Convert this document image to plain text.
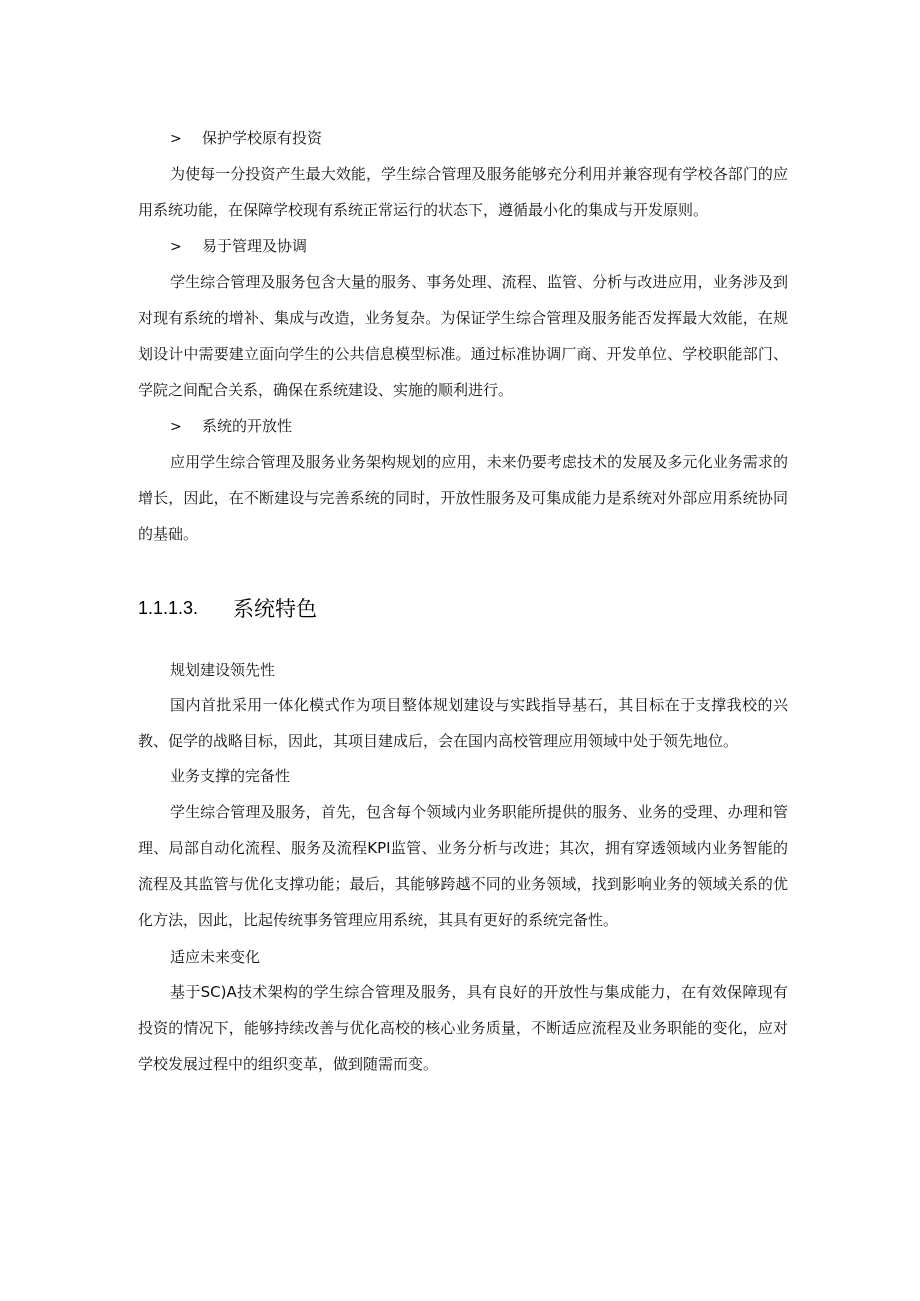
> 保护学校原有投资

为使每一分投资产生最大效能，学生综合管理及服务能够充分利用并兼容现有学校各部门的应用系统功能，在保障学校现有系统正常运行的状态下，遵循最小化的集成与开发原则。

> 易于管理及协调

学生综合管理及服务包含大量的服务、事务处理、流程、监管、分析与改进应用，业务涉及到对现有系统的增补、集成与改造，业务复杂。为保证学生综合管理及服务能否发挥最大效能，在规划设计中需要建立面向学生的公共信息模型标准。通过标准协调厂商、开发单位、学校职能部门、学院之间配合关系，确保在系统建设、实施的顺利进行。

> 系统的开放性

应用学生综合管理及服务业务架构规划的应用，未来仍要考虑技术的发展及多元化业务需求的增长，因此，在不断建设与完善系统的同时，开放性服务及可集成能力是系统对外部应用系统协同的基础。

1.1.1.3. 系统特色
规划建设领先性

国内首批采用一体化模式作为项目整体规划建设与实践指导基石，其目标在于支撑我校的兴教、促学的战略目标，因此，其项目建成后，会在国内高校管理应用领域中处于领先地位。

业务支撑的完备性

学生综合管理及服务，首先，包含每个领域内业务职能所提供的服务、业务的受理、办理和管理、局部自动化流程、服务及流程KPI监管、业务分析与改进；其次，拥有穿透领域内业务智能的流程及其监管与优化支撑功能；最后，其能够跨越不同的业务领域，找到影响业务的领域关系的优化方法，因此，比起传统事务管理应用系统，其具有更好的系统完备性。

适应未来变化

基于SC)A技术架构的学生综合管理及服务，具有良好的开放性与集成能力，在有效保障现有投资的情况下，能够持续改善与优化高校的核心业务质量，不断适应流程及业务职能的变化，应对学校发展过程中的组织变革，做到随需而变。
